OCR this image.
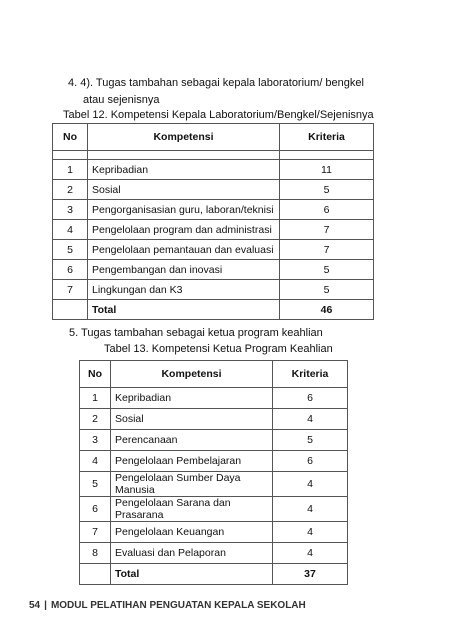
4. 4). Tugas tambahan sebagai kepala laboratorium/ bengkel
atau sejenisnya
Tabel 12. Kompetensi Kepala Laboratorium/Bengkel/Sejenisnya
No	Kompetensi	Kriteria

1	Kepribadian	11
2	Sosial	5
3	Pengorganisasian guru, laboran/teknisi	6
4	Pengelolaan program dan administrasi	7
5	Pengelolaan pemantauan dan evaluasi	7
6	Pengembangan dan inovasi	5
7	Lingkungan dan K3	5
	Total	46
5. Tugas tambahan sebagai ketua program keahlian
Tabel 13. Kompetensi Ketua Program Keahlian
No	Kompetensi	Kriteria
1	Kepribadian	6
2	Sosial	4
3	Perencanaan	5
4	Pengelolaan Pembelajaran	6
5	Pengelolaan Sumber Daya Manusia	4
6	Pengelolaan Sarana dan Prasarana	4
7	Pengelolaan Keuangan	4
8	Evaluasi dan Pelaporan	4
	Total	37
54 | MODUL PELATIHAN PENGUATAN KEPALA SEKOLAH
